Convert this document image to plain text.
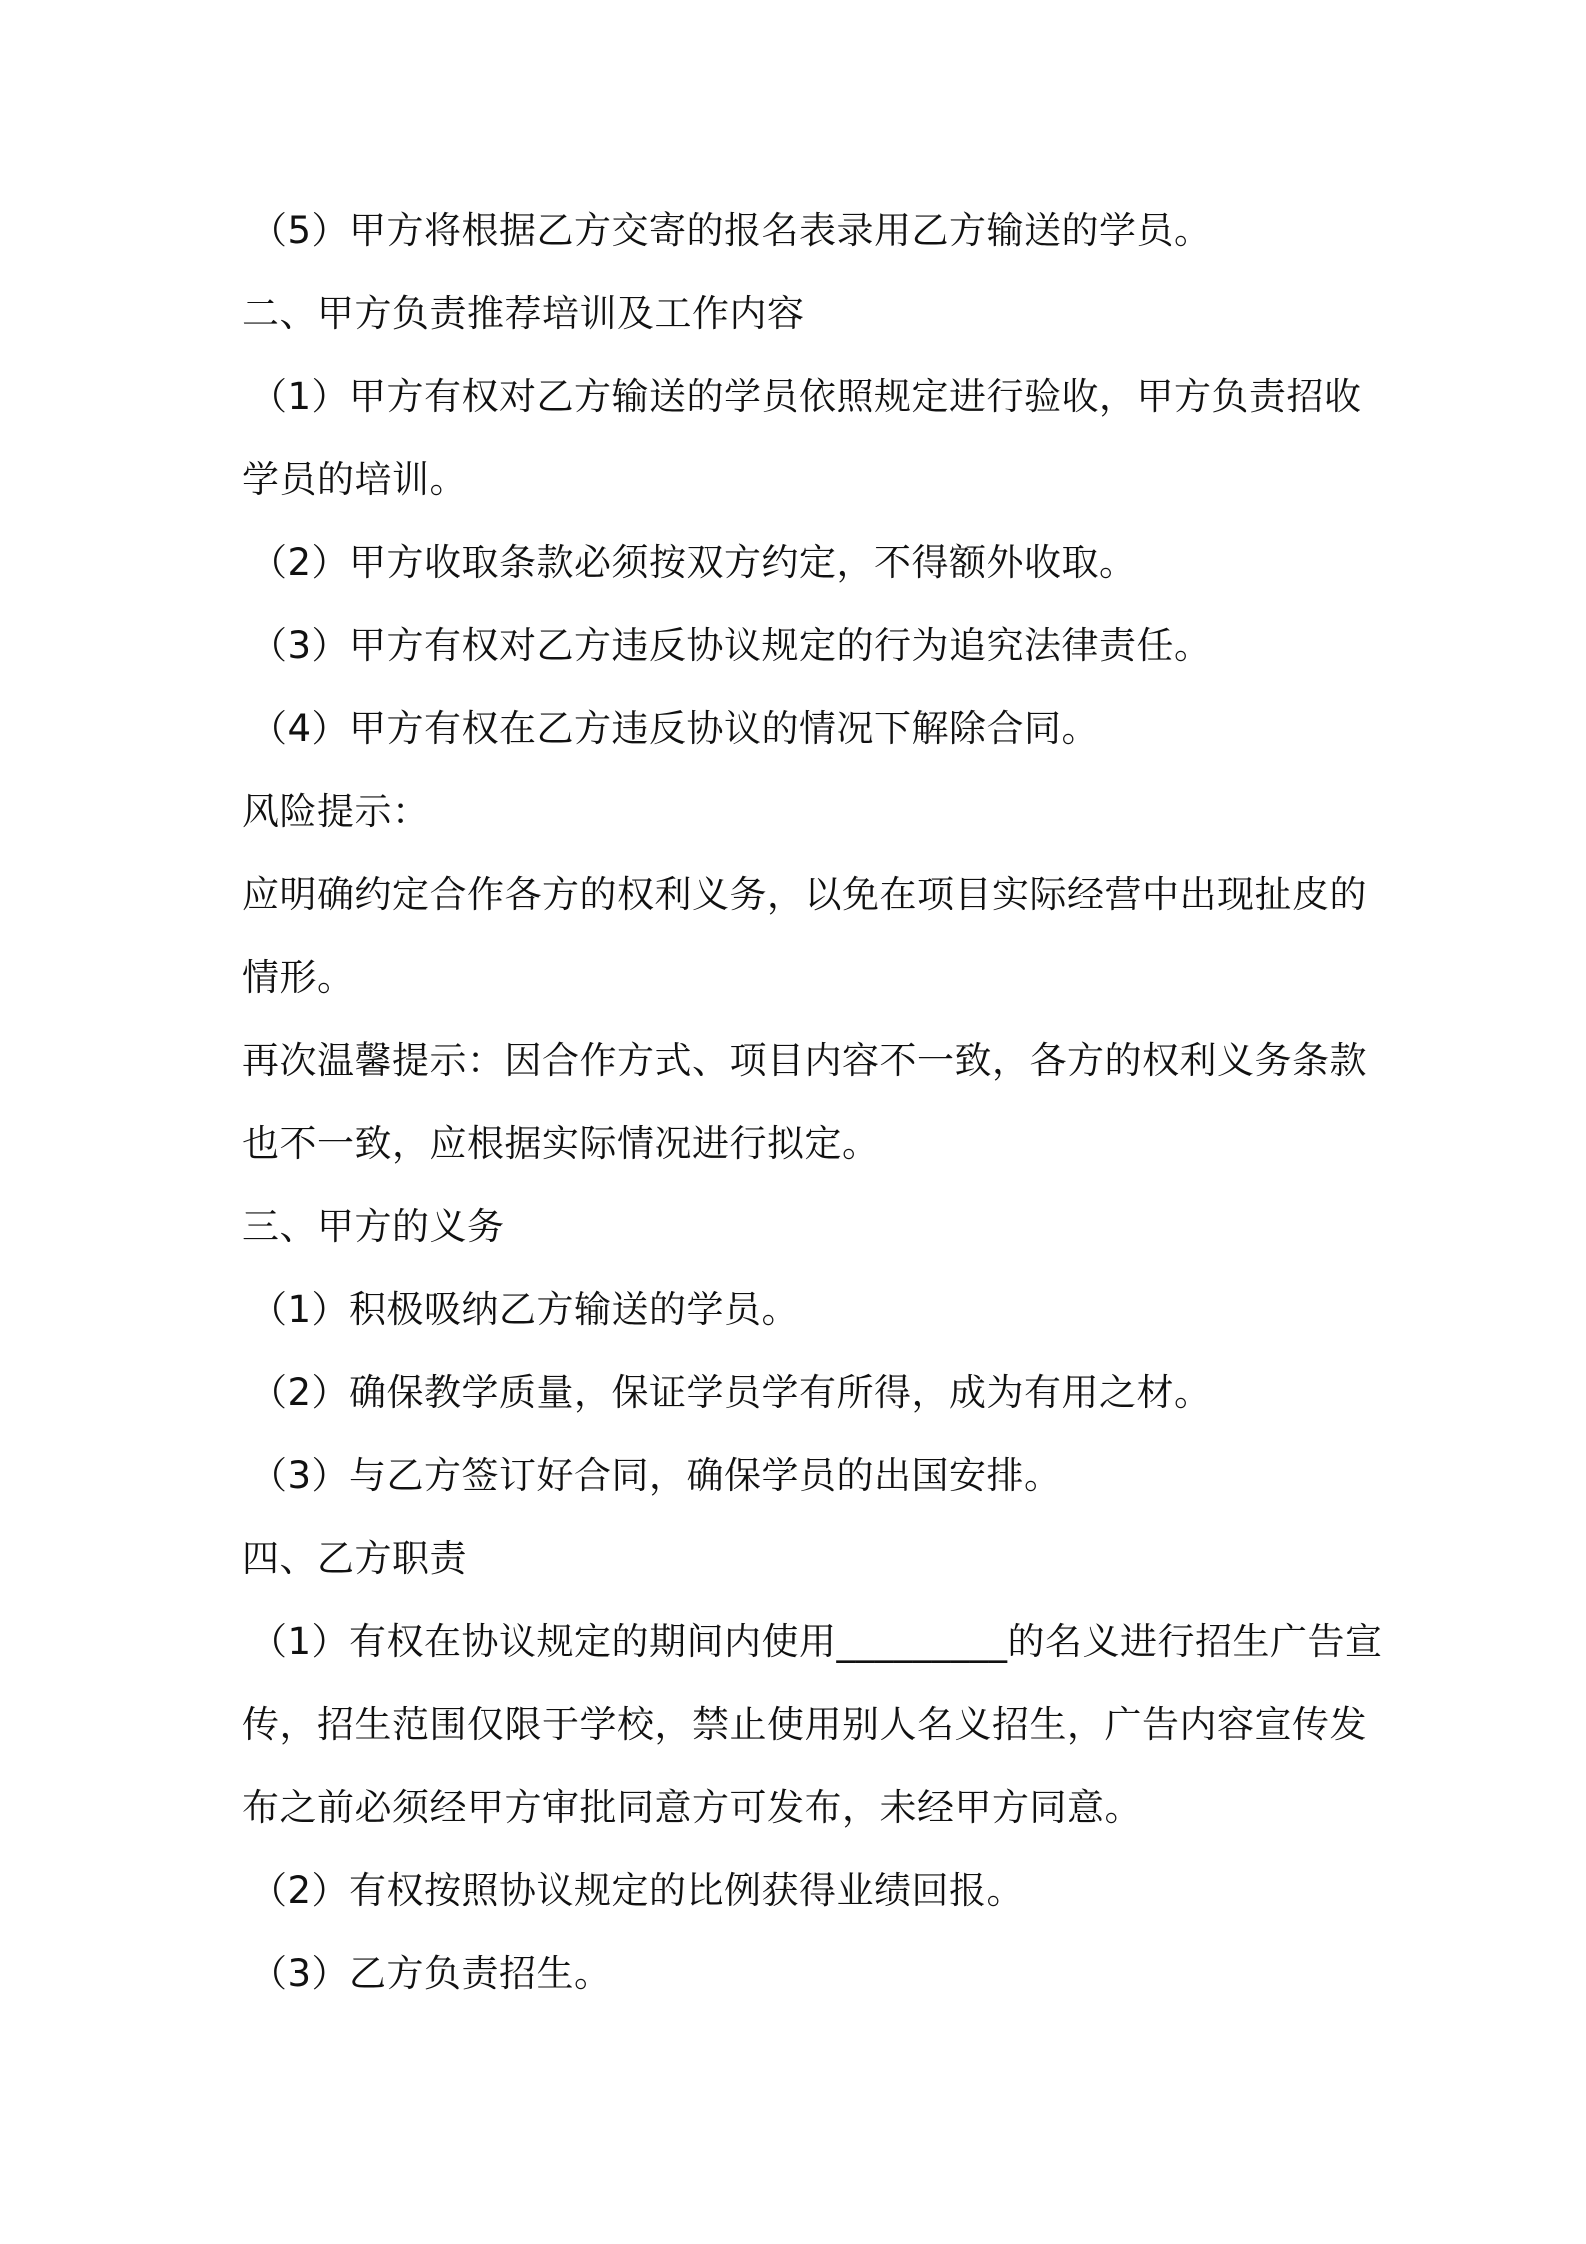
（5）甲方将根据乙方交寄的报名表录用乙方输送的学员。
二、甲方负责推荐培训及工作内容
（1）甲方有权对乙方输送的学员依照规定进行验收，甲方负责招收
学员的培训。
（2）甲方收取条款必须按双方约定，不得额外收取。
（3）甲方有权对乙方违反协议规定的行为追究法律责任。
（4）甲方有权在乙方违反协议的情况下解除合同。
风险提示：
应明确约定合作各方的权利义务，以免在项目实际经营中出现扯皮的
情形。
再次温馨提示：因合作方式、项目内容不一致，各方的权利义务条款
也不一致，应根据实际情况进行拟定。
三、甲方的义务
（1）积极吸纳乙方输送的学员。
（2）确保教学质量，保证学员学有所得，成为有用之材。
（3）与乙方签订好合同，确保学员的出国安排。
四、乙方职责
（1）有权在协议规定的期间内使用_________的名义进行招生广告宣
传，招生范围仅限于学校，禁止使用别人名义招生，广告内容宣传发
布之前必须经甲方审批同意方可发布，未经甲方同意。
（2）有权按照协议规定的比例获得业绩回报。
（3）乙方负责招生。
